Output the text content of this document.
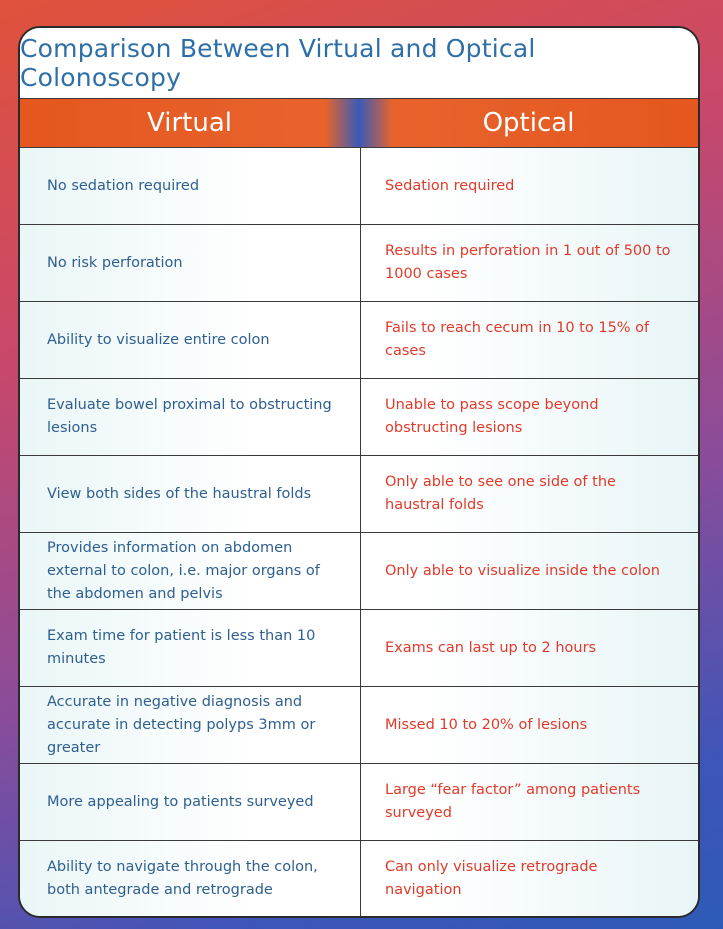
Comparison Between Virtual and Optical Colonoscopy
Virtual	Optical
No sedation required	Sedation required
No risk perforation
Results in perforation in 1 out of 500 to 1000 cases
Ability to visualize entire colon
Fails to reach cecum in 10 to 15% of cases
Evaluate bowel proximal to obstructing lesions
Unable to pass scope beyond obstructing lesions
View both sides of the haustral folds
Only able to see one side of the haustral folds
Provides information on abdomen external to colon, i.e. major organs of the abdomen and pelvis
Only able to visualize inside the colon
Exam time for patient is less than 10 minutes
Exams can last up to 2 hours
Accurate in negative diagnosis and accurate in detecting polyps 3mm or greater
Missed 10 to 20% of lesions
More appealing to patients surveyed
Large “fear factor” among patients surveyed
Ability to navigate through the colon, both antegrade and retrograde
Can only visualize retrograde navigation
